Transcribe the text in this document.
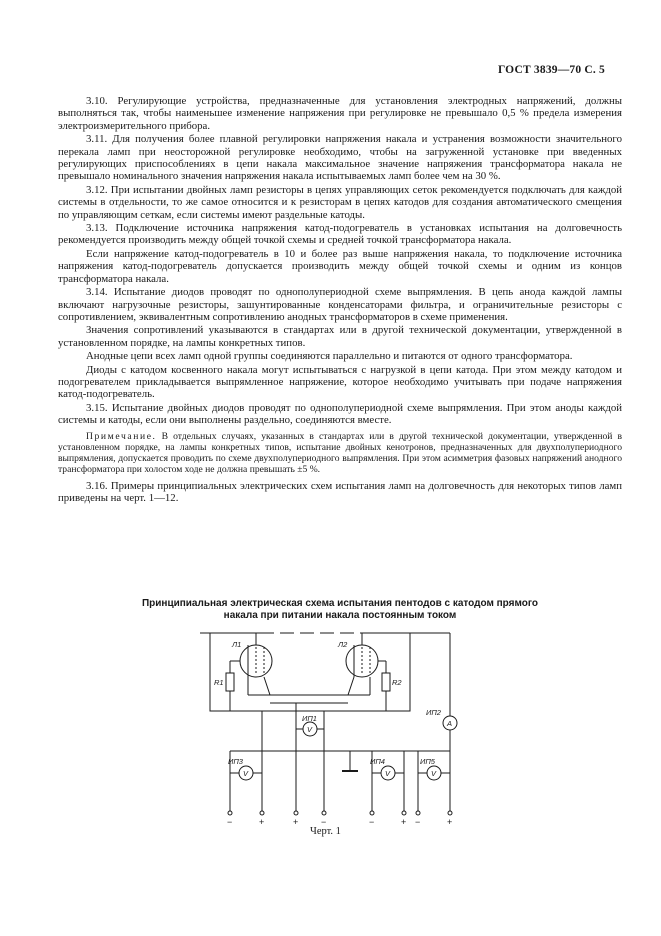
ГОСТ 3839—70 С. 5

3.10. Регулирующие устройства, предназначенные для установления электродных напряжений, должны выполняться так, чтобы наименьшее изменение напряжения при регулировке не превышало 0,5 % предела измерения электроизмерительного прибора.

3.11. Для получения более плавной регулировки напряжения накала и устранения возможности значительного перекала ламп при неосторожной регулировке необходимо, чтобы на загруженной установке при введенных регулирующих приспособлениях в цепи накала максимальное значение напряжения трансформатора накала не превышало номинального значения напряжения накала испытываемых ламп более чем на 30 %.

3.12. При испытании двойных ламп резисторы в цепях управляющих сеток рекомендуется подключать для каждой системы в отдельности, то же самое относится и к резисторам в цепях катодов для создания автоматического смещения по управляющим сеткам, если системы имеют раздельные катоды.

3.13. Подключение источника напряжения катод-подогреватель в установках испытания на долговечность рекомендуется производить между общей точкой схемы и средней точкой трансформатора накала.

Если напряжение катод-подогреватель в 10 и более раз выше напряжения накала, то подключение источника напряжения катод-подогреватель допускается производить между общей точкой схемы и одним из концов трансформатора накала.

3.14. Испытание диодов проводят по однополупериодной схеме выпрямления. В цепь анода каждой лампы включают нагрузочные резисторы, зашунтированные конденсаторами фильтра, и ограничительные резисторы с сопротивлением, эквивалентным сопротивлению анодных трансформаторов в схеме применения.

Значения сопротивлений указываются в стандартах или в другой технической документации, утвержденной в установленном порядке, на лампы конкретных типов.

Анодные цепи всех ламп одной группы соединяются параллельно и питаются от одного трансформатора.

Диоды с катодом косвенного накала могут испытываться с нагрузкой в цепи катода. При этом между катодом и подогревателем прикладывается выпрямленное напряжение, которое необходимо учитывать при подаче напряжения катод-подогреватель.

3.15. Испытание двойных диодов проводят по однополупериодной схеме выпрямления. При этом аноды каждой системы и катоды, если они выполнены раздельно, соединяются вместе.

Примечание. В отдельных случаях, указанных в стандартах или в другой технической документации, утвержденной в установленном порядке, на лампы конкретных типов, испытание двойных кенотронов, предназначенных для двухполупериодного выпрямления, допускается проводить по схеме двухполупериодного выпрямления. При этом асимметрия фазовых напряжений анодного трансформатора при холостом ходе не должна превышать ±5 %.

3.16. Примеры принципиальных электрических схем испытания ламп на долговечность для некоторых типов ламп приведены на черт. 1—12.

Принципиальная электрическая схема испытания пентодов с катодом прямого
накала при питании накала постоянным током
Л1	Л2
R1	R2
ИП1
ИП2
ИП3	ИП4	ИП5
V
A
V	V	V
−	+	+	−	−	+ −	+
Черт. 1
